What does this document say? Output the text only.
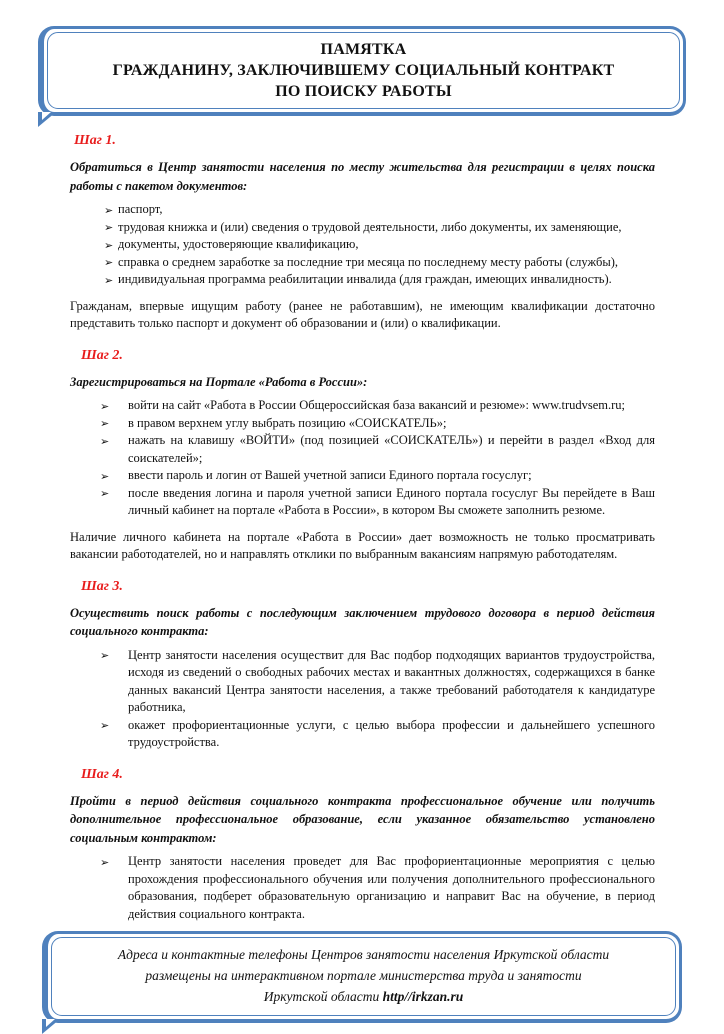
ПАМЯТКА
ГРАЖДАНИНУ, ЗАКЛЮЧИВШЕМУ СОЦИАЛЬНЫЙ КОНТРАКТ
ПО ПОИСКУ РАБОТЫ
Шаг 1.

Обратиться в Центр занятости населения по месту жительства для регистрации в целях поиска работы с пакетом документов:

➢ паспорт,
➢ трудовая книжка и (или) сведения о трудовой деятельности, либо документы, их заменяющие,
➢ документы, удостоверяющие квалификацию,
➢ справка о среднем заработке за последние три месяца по последнему месту работы (службы),
➢ индивидуальная программа реабилитации инвалида (для граждан, имеющих инвалидность).

Гражданам, впервые ищущим работу (ранее не работавшим), не имеющим квалификации достаточно представить только паспорт и документ об образовании и (или) о квалификации.

Шаг 2.

Зарегистрироваться на Портале «Работа в России»:

➢ войти на сайт «Работа в России Общероссийская база вакансий и резюме»: www.trudvsem.ru;
➢ в правом верхнем углу выбрать позицию «СОИСКАТЕЛЬ»;
➢ нажать на клавишу «ВОЙТИ» (под позицией «СОИСКАТЕЛЬ») и перейти в раздел «Вход для соискателей»;
➢ ввести пароль и логин от Вашей учетной записи Единого портала госуслуг;
➢ после введения логина и пароля учетной записи Единого портала госуслуг Вы перейдете в Ваш личный кабинет на портале «Работа в России», в котором Вы сможете заполнить резюме.

Наличие личного кабинета на портале «Работа в России» дает возможность не только просматривать вакансии работодателей, но и направлять отклики по выбранным вакансиям напрямую работодателям.

Шаг 3.

Осуществить поиск работы с последующим заключением трудового договора в период действия социального контракта:

➢ Центр занятости населения осуществит для Вас подбор подходящих вариантов трудоустройства, исходя из сведений о свободных рабочих местах и вакантных должностях, содержащихся в банке данных вакансий Центра занятости населения, а также требований работодателя к кандидатуре работника,
➢ окажет профориентационные услуги, с целью выбора профессии и дальнейшего успешного трудоустройства.
Шаг 4.

Пройти в период действия социального контракта профессиональное обучение или получить дополнительное профессиональное образование, если указанное обязательство установлено социальным контрактом:

➢ Центр занятости населения проведет для Вас профориентационные мероприятия с целью прохождения профессионального обучения или получения дополнительного профессионального образования, подберет образовательную организацию и направит Вас на обучение, в период действия социального контракта.
Адреса и контактные телефоны Центров занятости населения Иркутской области
размещены на интерактивном портале министерства труда и занятости
Иркутской области http//irkzan.ru
